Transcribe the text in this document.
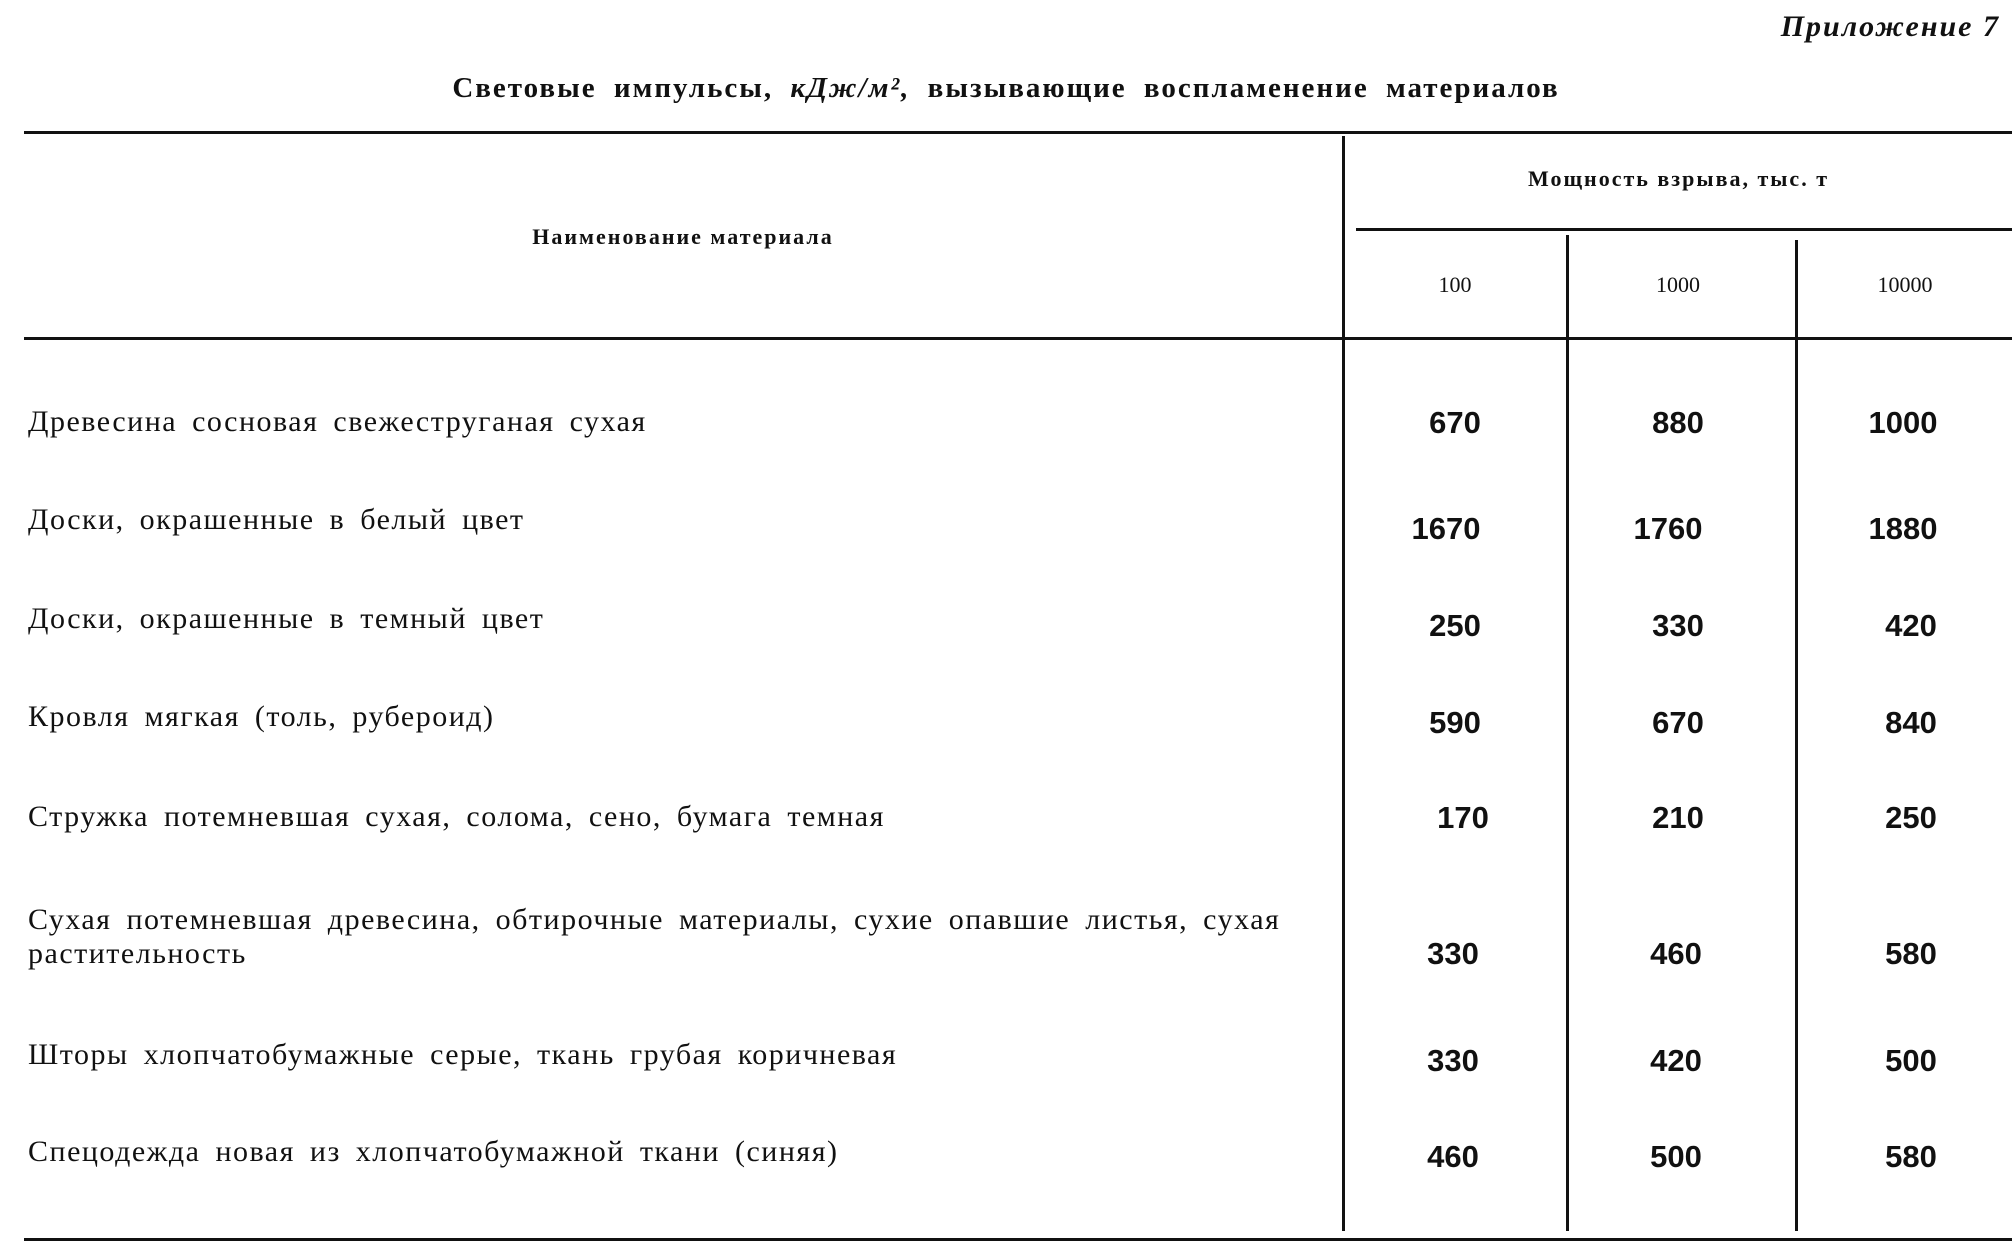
Приложение 7
Световые импульсы, кДж/м², вызывающие воспламенение материалов
Наименование материала
Мощность взрыва, тыс. т
100	1000	10000
Древесина сосновая свежеструганая сухая	670	880	1000
Доски, окрашенные в белый цвет	1670	1760	1880
Доски, окрашенные в темный цвет	250	330	420
Кровля мягкая (толь, рубероид)	590	670	840
Стружка потемневшая сухая, солома, сено, бумага темная	170	210	250
Сухая потемневшая древесина, обтирочные материалы, сухие опавшие листья, сухая растительность	330	460	580
Шторы хлопчатобумажные серые, ткань грубая коричневая	330	420	500
Спецодежда новая из хлопчатобумажной ткани (синяя)	460	500	580
